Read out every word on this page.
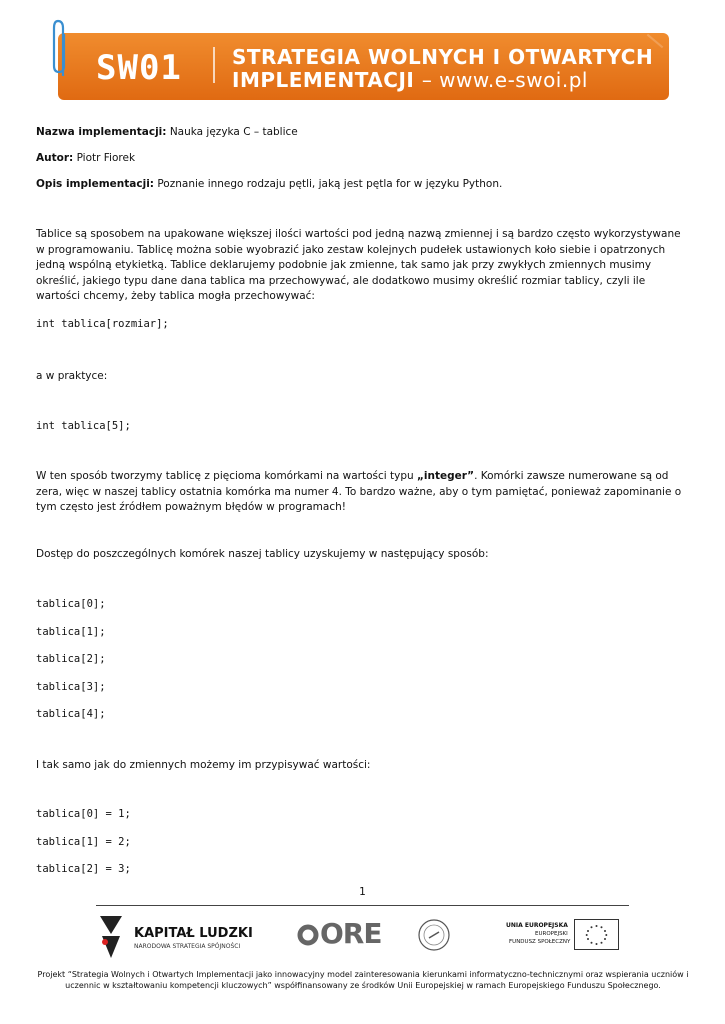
SW01	STRATEGIA WOLNYCH I OTWARTYCH
IMPLEMENTACJI – www.e-swoi.pl
Nazwa implementacji: Nauka języka C – tablice
Autor: Piotr Fiorek
Opis implementacji: Poznanie innego rodzaju pętli, jaką jest pętla for w języku Python.
Tablice są sposobem na upakowane większej ilości wartości pod jedną nazwą zmiennej i są bardzo często wykorzystywane w programowaniu. Tablicę można sobie wyobrazić jako zestaw kolejnych pudełek ustawionych koło siebie i opatrzonych jedną wspólną etykietką. Tablice deklarujemy podobnie jak zmienne, tak samo jak przy zwykłych zmiennych musimy określić, jakiego typu dane dana tablica ma przechowywać, ale dodatkowo musimy określić rozmiar tablicy, czyli ile wartości chcemy, żeby tablica mogła przechowywać:
int tablica[rozmiar];
a w praktyce:
int tablica[5];
W ten sposób tworzymy tablicę z pięcioma komórkami na wartości typu „integer”. Komórki zawsze numerowane są od zera, więc w naszej tablicy ostatnia komórka ma numer 4. To bardzo ważne, aby o tym pamiętać, ponieważ zapominanie o tym często jest źródłem poważnym błędów w programach!
Dostęp do poszczególnych komórek naszej tablicy uzyskujemy w następujący sposób:
tablica[0];
tablica[1];
tablica[2];
tablica[3];
tablica[4];
I tak samo jak do zmiennych możemy im przypisywać wartości:
tablica[0] = 1;
tablica[1] = 2;
tablica[2] = 3;
1
KAPITAŁ LUDZKI
NARODOWA STRATEGIA SPÓJNOŚCI	ORE	UNIA EUROPEJSKA
EUROPEJSKI
FUNDUSZ SPOŁECZNY
Projekt “Strategia Wolnych i Otwartych Implementacji jako innowacyjny model zainteresowania kierunkami informatyczno-technicznymi oraz wspierania uczniów i uczennic w kształtowaniu kompetencji kluczowych” współfinansowany ze środków Unii Europejskiej w ramach Europejskiego Funduszu Społecznego.
